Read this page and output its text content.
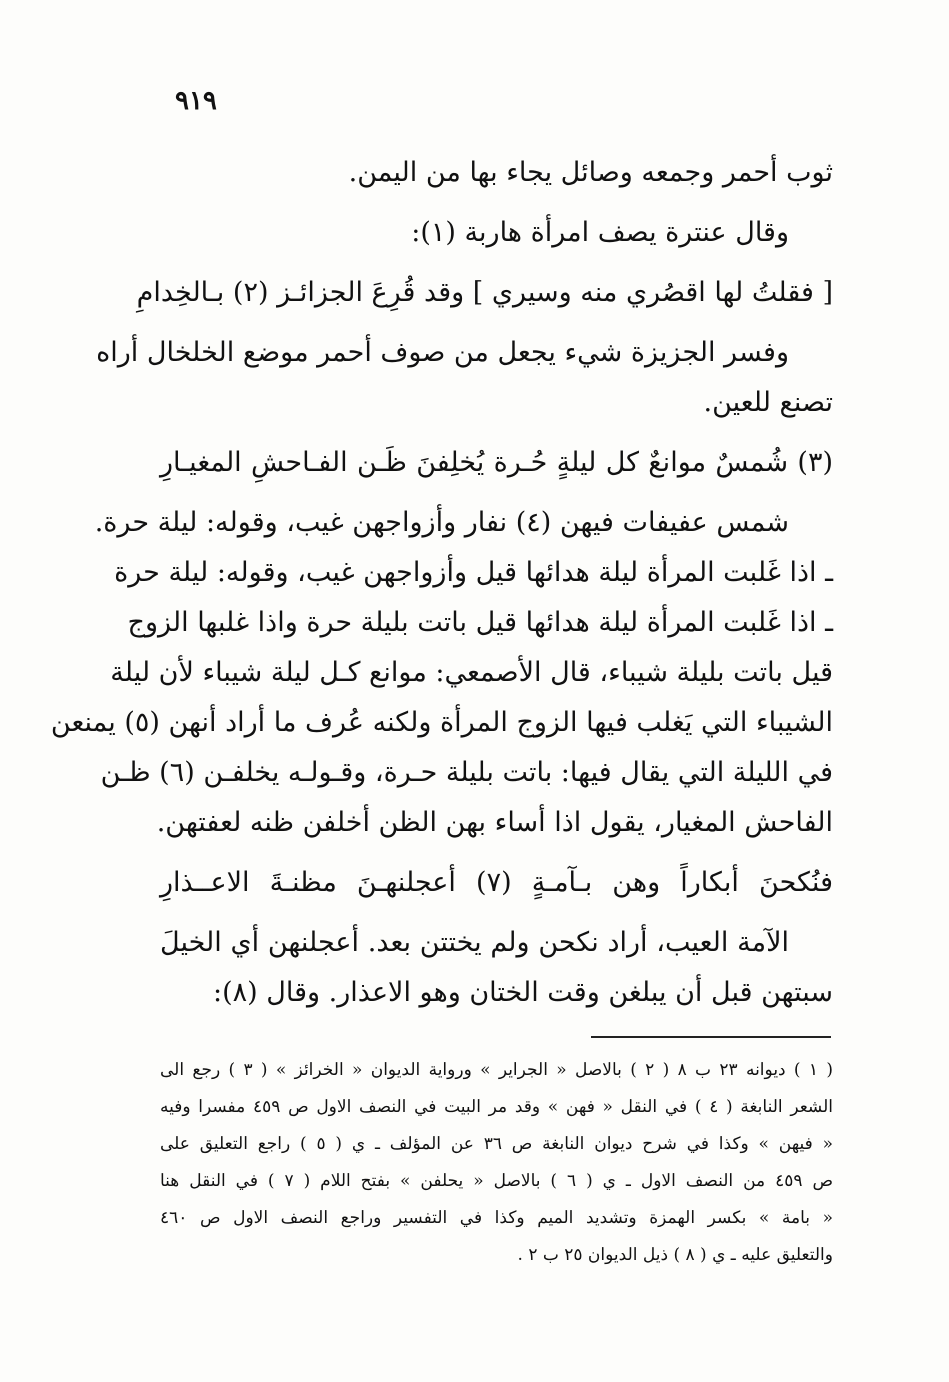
٩١٩
ثوب أحمر وجمعه وصائل يجاء بها من اليمن.
وقال عنترة يصف امرأة هاربة (١):
[ فقلتُ لها اقصُري منه وسيري ] وقد قُرِعَ الجزائـز (٢) بـالخِدامِ
وفسر الجزيزة شيء يجعل من صوف أحمر موضع الخلخال أراه
تصنع للعين.
(٣) شُمسٌ موانعٌ كل ليلةٍ حُـرة يُخلِفنَ ظَـن الفـاحشِ المغيـارِ
شمس عفيفات فيهن (٤) نفار وأزواجهن غيب، وقوله: ليلة حرة.
ـ اذا غَلبت المرأة ليلة هدائها قيل وأزواجهن غيب، وقوله: ليلة حرة
ـ اذا غَلبت المرأة ليلة هدائها قيل باتت بليلة حرة واذا غلبها الزوج
قيل باتت بليلة شيباء، قال الأصمعي: موانع كـل ليلة شيباء لأن ليلة
الشيباء التي يَغلب فيها الزوج المرأة ولكنه عُرف ما أراد أنهن (٥) يمنعن
في الليلة التي يقال فيها: باتت بليلة حـرة، وقـولـه يخلفـن (٦) ظـن
الفاحش المغيار، يقول اذا أساء بهن الظن أخلفن ظنه لعفتهن.
فنُكحنَ أبكاراً وهن بـآمـةٍ (٧) أعجلنهـنَ مظنـةَ الاعــذارِ
الآمة العيب، أراد نكحن ولم يختتن بعد. أعجلنهن أي الخيلَ
سبتهن قبل أن يبلغن وقت الختان وهو الاعذار. وقال (٨):
( ١ ) ديوانه ٢٣ ب ٨ ( ٢ ) بالاصل « الجراير » ورواية الديوان « الخرائز » ( ٣ ) رجع الى
الشعر النابغة ( ٤ ) في النقل « فهن » وقد مر البيت في النصف الاول ص ٤٥٩ مفسرا وفيه
« فيهن » وكذا في شرح ديوان النابغة ص ٣٦ عن المؤلف ـ ي ( ٥ ) راجع التعليق على
ص ٤٥٩ من النصف الاول ـ ي ( ٦ ) بالاصل « يحلفن » بفتح اللام ( ٧ ) في النقل هنا
« بامة » بكسر الهمزة وتشديد الميم وكذا في التفسير وراجع النصف الاول ص ٤٦٠
والتعليق عليه ـ ي ( ٨ ) ذيل الديوان ٢٥ ب ٢ .
